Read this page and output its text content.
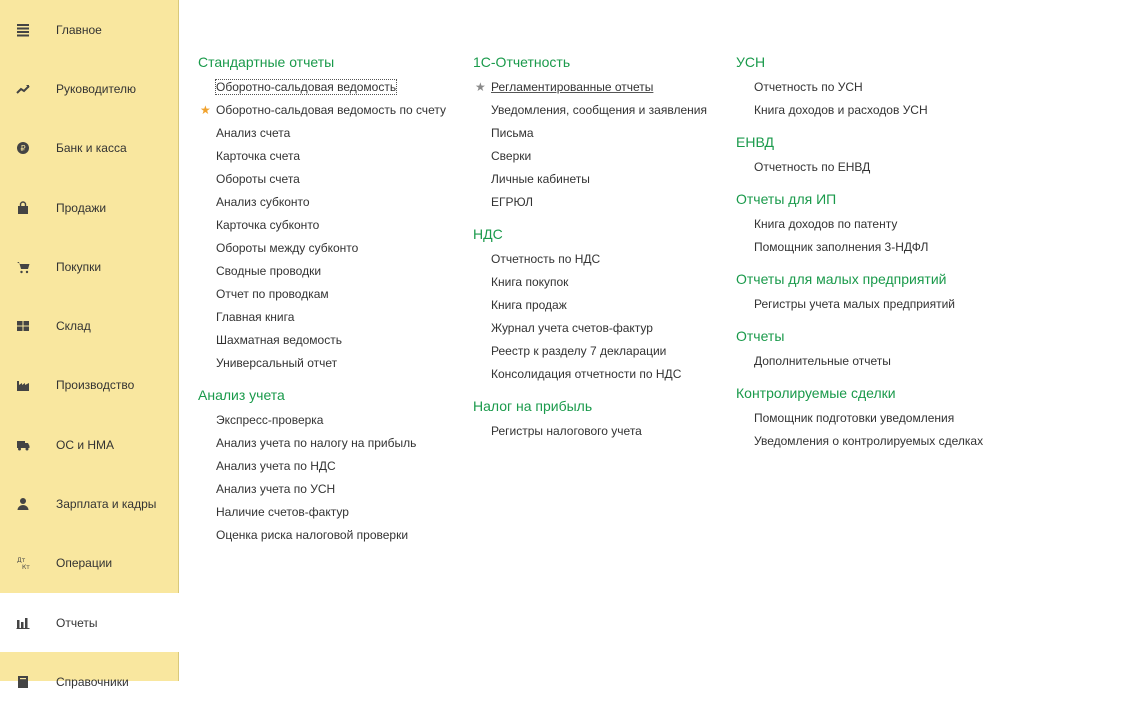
Главное
Руководителю
₽	Банк и касса
Продажи
Покупки
Склад
Производство
ОС и НМА
Зарплата и кадры
Дт
Кт Операции
Отчеты
Справочники
Стандартные отчеты
Оборотно-сальдовая ведомость
★ Оборотно-сальдовая ведомость по счету
Анализ счета
Карточка счета
Обороты счета
Анализ субконто
Карточка субконто
Обороты между субконто
Сводные проводки
Отчет по проводкам
Главная книга
Шахматная ведомость
Универсальный отчет
Анализ учета
Экспресс-проверка
Анализ учета по налогу на прибыль
Анализ учета по НДС
Анализ учета по УСН
Наличие счетов-фактур
Оценка риска налоговой проверки
1С-Отчетность
★ Регламентированные отчеты
Уведомления, сообщения и заявления
Письма
Сверки
Личные кабинеты
ЕГРЮЛ
НДС
Отчетность по НДС
Книга покупок
Книга продаж
Журнал учета счетов-фактур
Реестр к разделу 7 декларации
Консолидация отчетности по НДС
Налог на прибыль
Регистры налогового учета
УСН
Отчетность по УСН
Книга доходов и расходов УСН
ЕНВД
Отчетность по ЕНВД
Отчеты для ИП
Книга доходов по патенту
Помощник заполнения 3-НДФЛ
Отчеты для малых предприятий
Регистры учета малых предприятий
Отчеты
Дополнительные отчеты
Контролируемые сделки
Помощник подготовки уведомления
Уведомления о контролируемых сделках
